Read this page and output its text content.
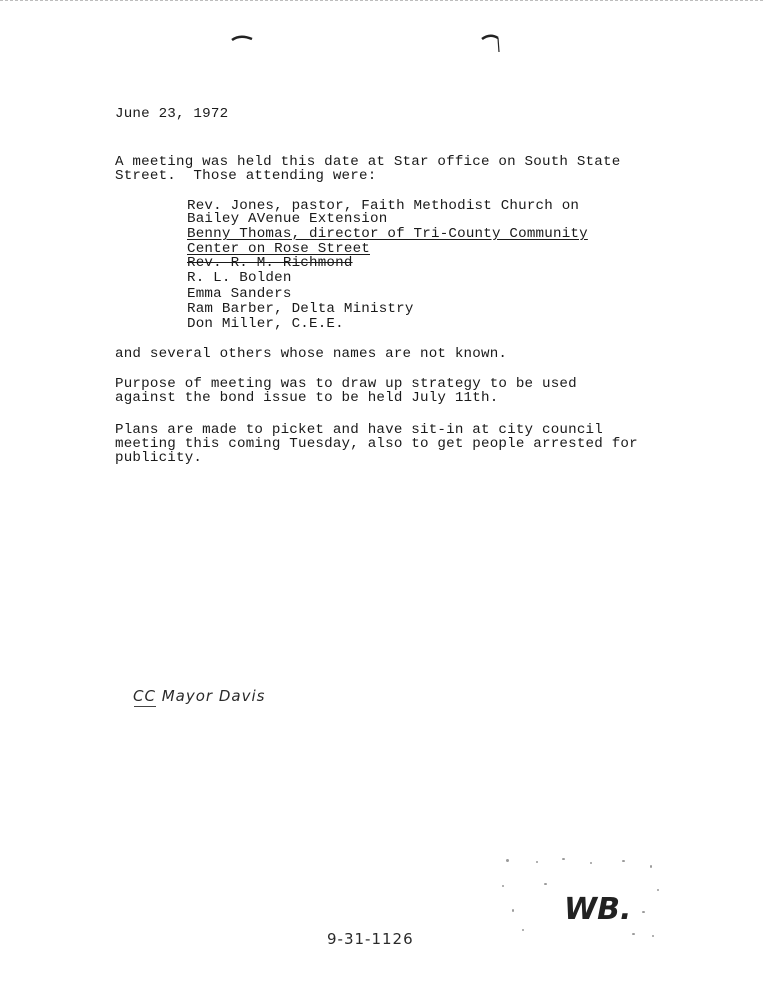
June 23, 1972
A meeting was held this date at Star office on South State
Street.  Those attending were:
Rev. Jones, pastor, Faith Methodist Church on
Bailey AVenue Extension
Benny Thomas, director of Tri-County Community
Center on Rose Street
Rev. R. M. Richmond
R. L. Bolden
Emma Sanders
Ram Barber, Delta Ministry
Don Miller, C.E.E.
and several others whose names are not known.
Purpose of meeting was to draw up strategy to be used
against the bond issue to be held July 11th.
Plans are made to picket and have sit-in at city council
meeting this coming Tuesday, also to get people arrested for
publicity.
CC Mayor Davis
WB.
9-31-1126
